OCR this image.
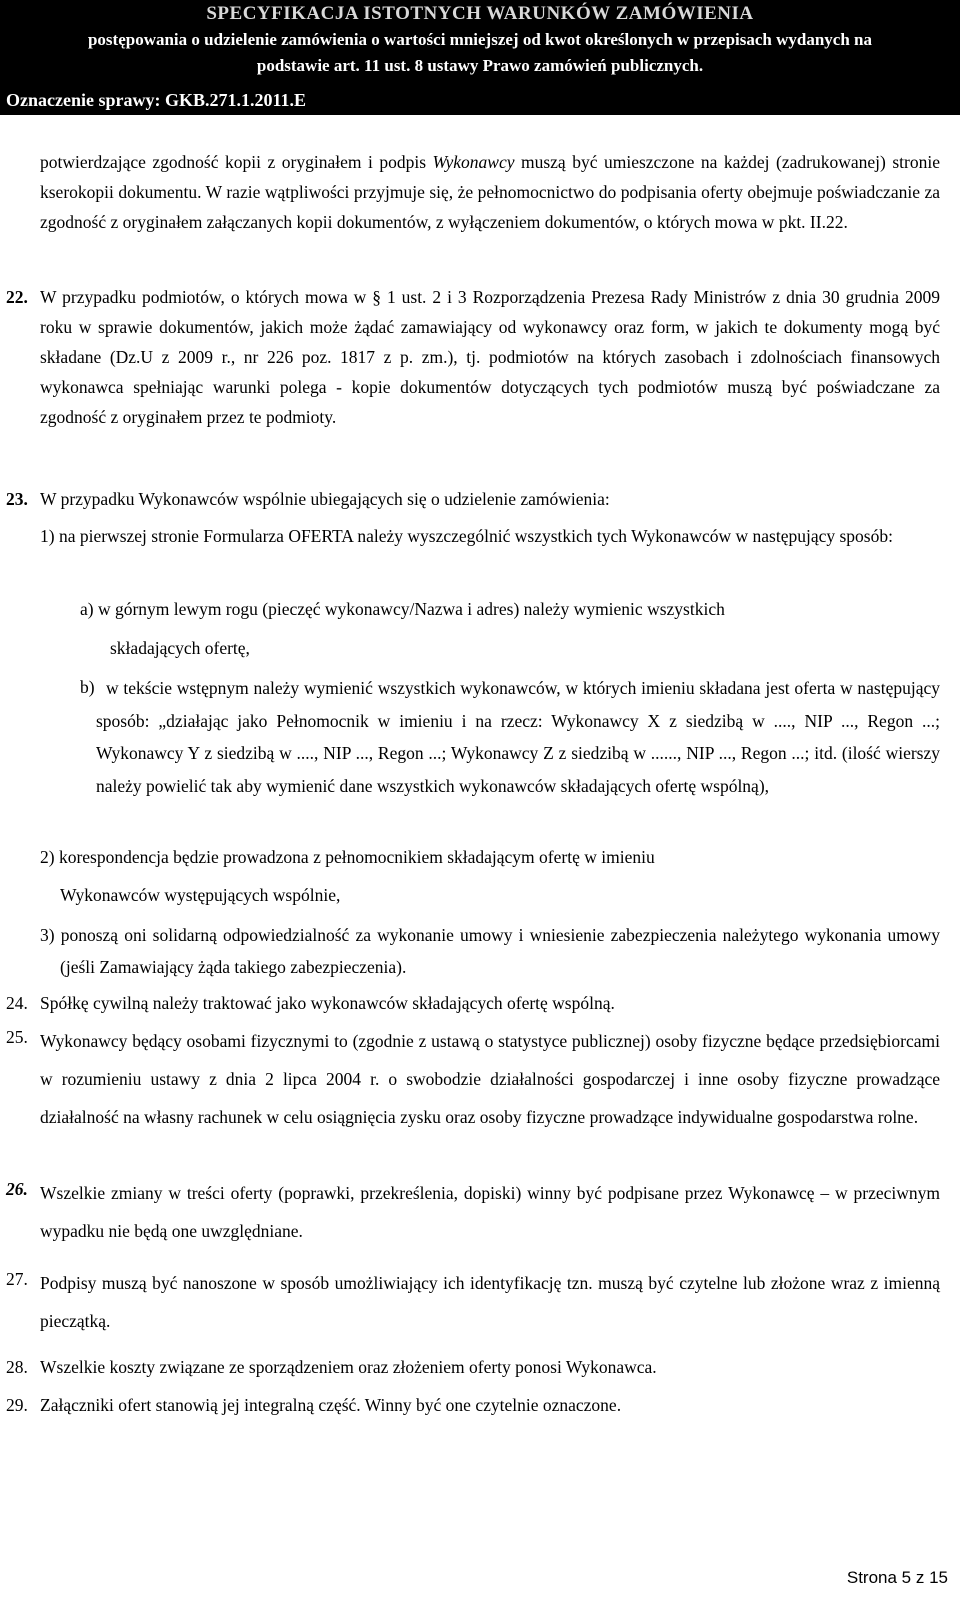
SPECYFIKACJA ISTOTNYCH WARUNKÓW ZAMÓWIENIA
postępowania o udzielenie zamówienia o wartości mniejszej od kwot określonych w przepisach wydanych na
podstawie art. 11 ust. 8 ustawy Prawo zamówień publicznych.
Oznaczenie sprawy: GKB.271.1.2011.E

potwierdzające zgodność kopii z oryginałem i podpis Wykonawcy muszą być umieszczone na każdej (zadrukowanej) stronie kserokopii dokumentu. W razie wątpliwości przyjmuje się, że pełnomocnictwo do podpisania oferty obejmuje poświadczanie za zgodność z oryginałem załączanych kopii dokumentów, z wyłączeniem dokumentów, o których mowa w pkt. II.22.

22. W przypadku podmiotów, o których mowa w § 1 ust. 2 i 3 Rozporządzenia Prezesa Rady Ministrów z dnia 30 grudnia 2009 roku w sprawie dokumentów, jakich może żądać zamawiający od wykonawcy oraz form, w jakich te dokumenty mogą być składane (Dz.U z 2009 r., nr 226 poz. 1817 z p. zm.), tj. podmiotów na których zasobach i zdolnościach finansowych wykonawca spełniając warunki polega - kopie dokumentów dotyczących tych podmiotów muszą być poświadczane za zgodność z oryginałem przez te podmioty.

23. W przypadku Wykonawców wspólnie ubiegających się o udzielenie zamówienia:

1) na pierwszej stronie Formularza OFERTA należy wyszczególnić wszystkich tych Wykonawców w następujący sposób:

a) w górnym lewym rogu (pieczęć wykonawcy/Nazwa i adres) należy wymienic wszystkich

składających ofertę,

b) w tekście wstępnym należy wymienić wszystkich wykonawców, w których imieniu składana jest oferta w następujący sposób: „działając jako Pełnomocnik w imieniu i na rzecz: Wykonawcy X z siedzibą w ...., NIP ..., Regon ...; Wykonawcy Y z siedzibą w ...., NIP ..., Regon ...; Wykonawcy Z z siedzibą w ......, NIP ..., Regon ...; itd. (ilość wierszy należy powielić tak aby wymienić dane wszystkich wykonawców składających ofertę wspólną),

2) korespondencja będzie prowadzona z pełnomocnikiem składającym ofertę w imieniu

Wykonawców występujących wspólnie,

3) ponoszą oni solidarną odpowiedzialność za wykonanie umowy i wniesienie zabezpieczenia należytego wykonania umowy (jeśli Zamawiający żąda takiego zabezpieczenia).

24. Spółkę cywilną należy traktować jako wykonawców składających ofertę wspólną.

25. Wykonawcy będący osobami fizycznymi to (zgodnie z ustawą o statystyce publicznej) osoby fizyczne będące przedsiębiorcami w rozumieniu ustawy z dnia 2 lipca 2004 r. o swobodzie działalności gospodarczej i inne osoby fizyczne prowadzące działalność na własny rachunek w celu osiągnięcia zysku oraz osoby fizyczne prowadzące indywidualne gospodarstwa rolne.

26. Wszelkie zmiany w treści oferty (poprawki, przekreślenia, dopiski) winny być podpisane przez Wykonawcę – w przeciwnym wypadku nie będą one uwzględniane.

27. Podpisy muszą być nanoszone w sposób umożliwiający ich identyfikację tzn. muszą być czytelne lub złożone wraz z imienną pieczątką.

28. Wszelkie koszty związane ze sporządzeniem oraz złożeniem oferty ponosi Wykonawca.

29. Załączniki ofert stanowią jej integralną część. Winny być one czytelnie oznaczone.

Strona 5 z 15
